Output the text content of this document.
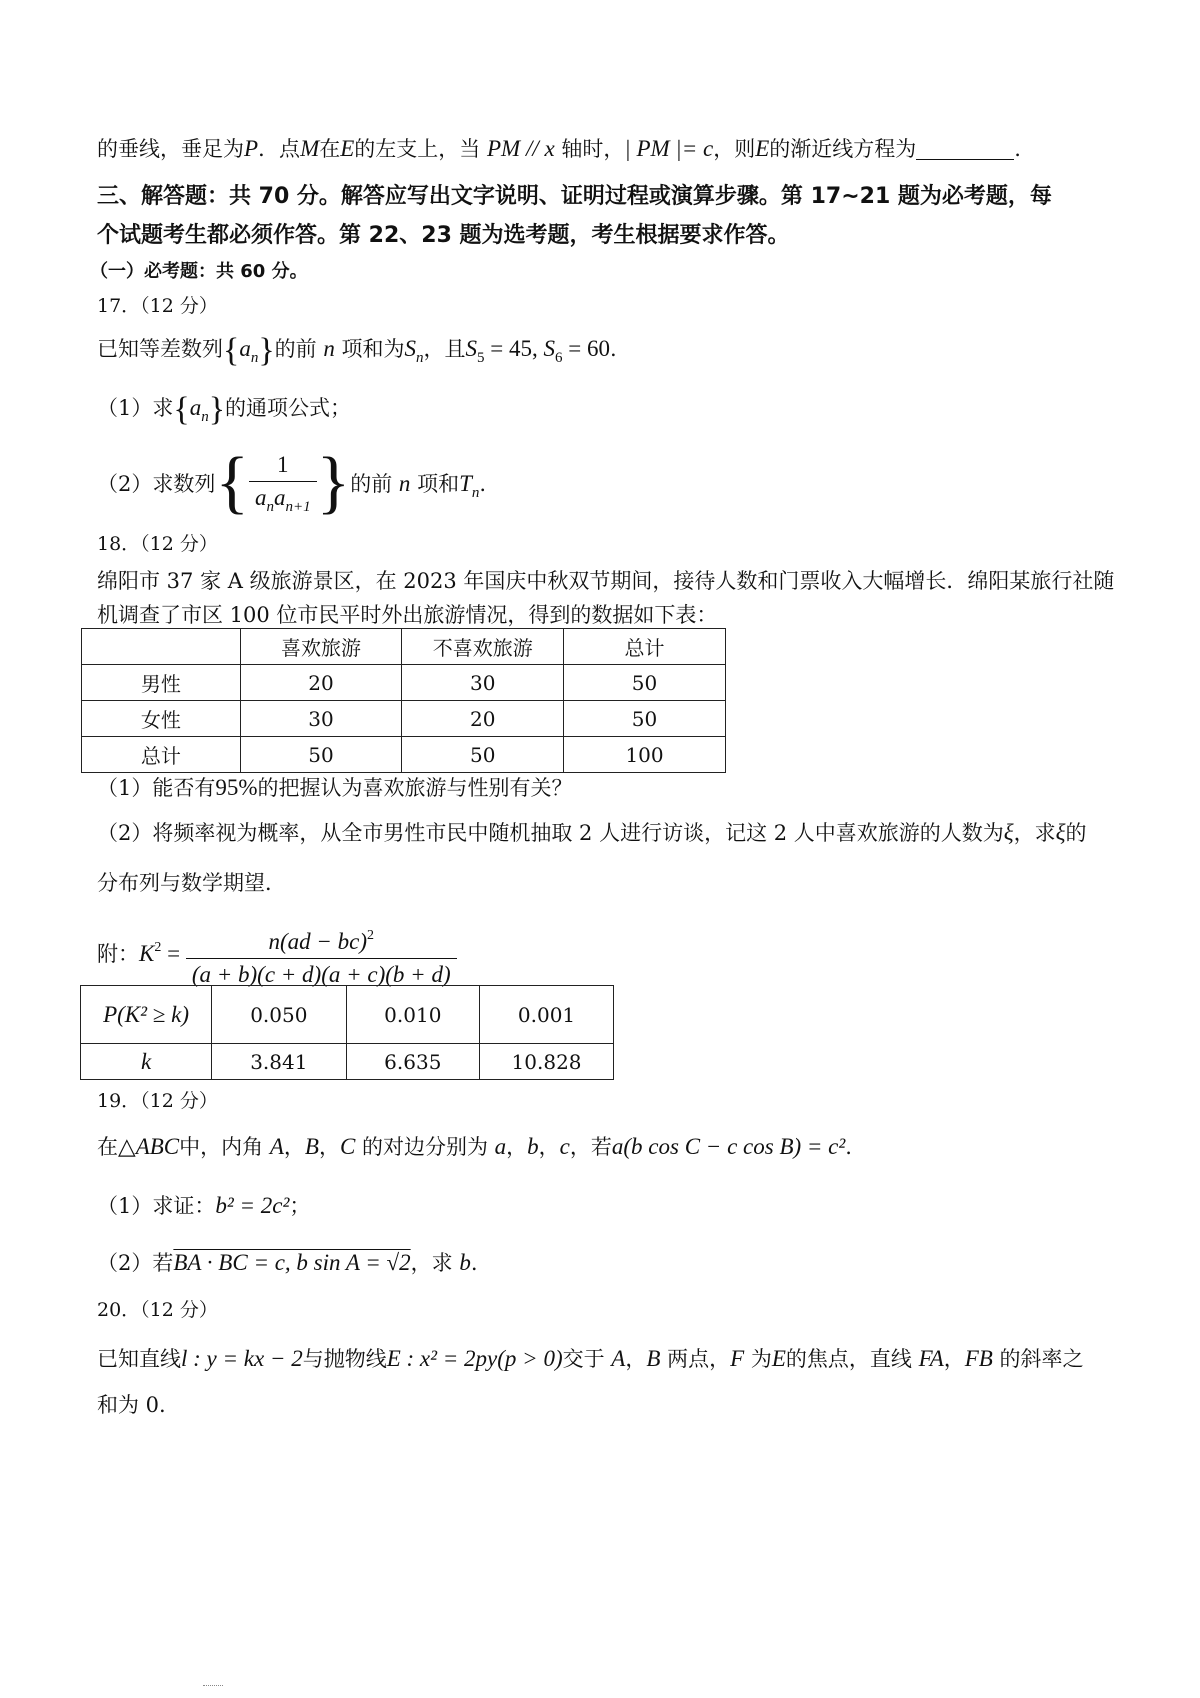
的垂线，垂足为P．点M在E的左支上，当 PM // x 轴时，| PM |= c，则E的渐近线方程为	.
三、解答题：共 70 分。解答应写出文字说明、证明过程或演算步骤。第 17~21 题为必考题，每
个试题考生都必须作答。第 22、23 题为选考题，考生根据要求作答。
（一）必考题：共 60 分。
17．（12 分）
已知等差数列$\{a_n\}$的前 n 项和为$S_n$，且$S_5 = 45$, $S_6 = 60$.
（1）求$\{a_n\}$的通项公式；
（2）求数列{ $\frac{1}{a_na_{n+1}}$ }的前 n 项和$T_n$.
18．（12 分）
绵阳市 37 家 A 级旅游景区，在 2023 年国庆中秋双节期间，接待人数和门票收入大幅增长．绵阳某旅行社随
机调查了市区 100 位市民平时外出旅游情况，得到的数据如下表：
	喜欢旅游	不喜欢旅游	总计
男性	20	30	50
女性	30	20	50
总计	50	50	100
（1）能否有95%的把握认为喜欢旅游与性别有关？
（2）将频率视为概率，从全市男性市民中随机抽取 2 人进行访谈，记这 2 人中喜欢旅游的人数为ξ，求ξ的
分布列与数学期望．
附：$K^2 = \frac{n(ad - bc)^2}{(a + b)(c + d)(a + c)(b + d)}$
P(K² ≥ k)	0.050	0.010	0.001
k	3.841	6.635	10.828
19．（12 分）
在△ABC中，内角 A，B，C 的对边分别为 a，b，c，若a(b cos C − c cos B) = c².
（1）求证：b² = 2c²；
（2）若BA · BC = c, b sin A = √2，求 b.
20．（12 分）
已知直线l : y = kx − 2与抛物线E : x² = 2py(p > 0)交于 A，B 两点，F 为E的焦点，直线 FA，FB 的斜率之
和为 0.
